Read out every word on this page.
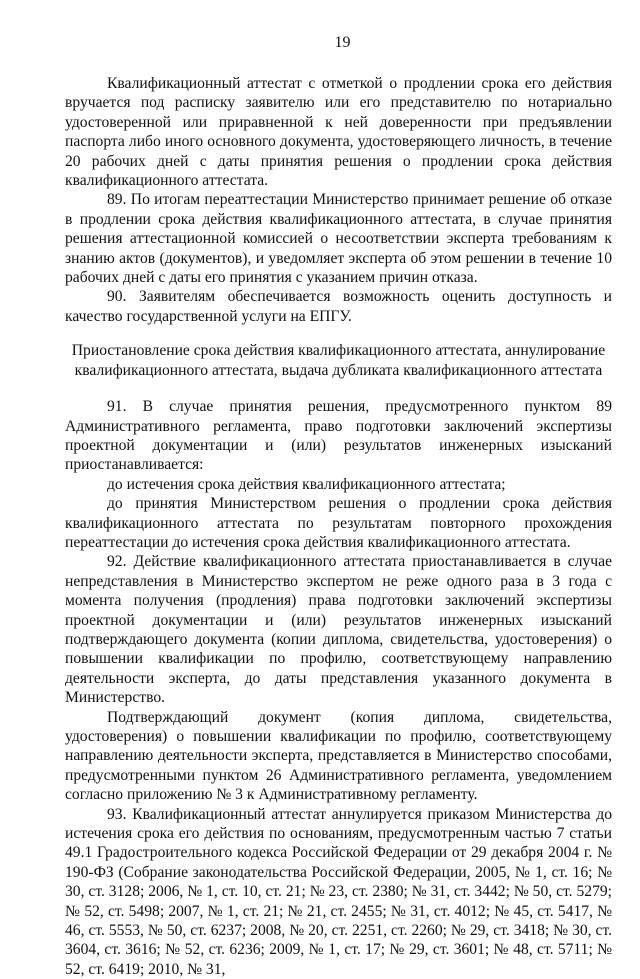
19

Квалификационный аттестат с отметкой о продлении срока его действия вручается под расписку заявителю или его представителю по нотариально удостоверенной или приравненной к ней доверенности при предъявлении паспорта либо иного основного документа, удостоверяющего личность, в течение 20 рабочих дней с даты принятия решения о продлении срока действия квалификационного аттестата.

89. По итогам переаттестации Министерство принимает решение об отказе в продлении срока действия квалификационного аттестата, в случае принятия решения аттестационной комиссией о несоответствии эксперта требованиям к знанию актов (документов), и уведомляет эксперта об этом решении в течение 10 рабочих дней с даты его принятия с указанием причин отказа.

90. Заявителям обеспечивается возможность оценить доступность и качество государственной услуги на ЕПГУ.

Приостановление срока действия квалификационного аттестата, аннулирование
квалификационного аттестата, выдача дубликата квалификационного аттестата

91. В случае принятия решения, предусмотренного пунктом 89 Административного регламента, право подготовки заключений экспертизы проектной документации и (или) результатов инженерных изысканий приостанавливается:

до истечения срока действия квалификационного аттестата;

до принятия Министерством решения о продлении срока действия квалификационного аттестата по результатам повторного прохождения переаттестации до истечения срока действия квалификационного аттестата.

92. Действие квалификационного аттестата приостанавливается в случае непредставления в Министерство экспертом не реже одного раза в 3 года с момента получения (продления) права подготовки заключений экспертизы проектной документации и (или) результатов инженерных изысканий подтверждающего документа (копии диплома, свидетельства, удостоверения) о повышении квалификации по профилю, соответствующему направлению деятельности эксперта, до даты представления указанного документа в Министерство.

Подтверждающий документ (копия диплома, свидетельства, удостоверения) о повышении квалификации по профилю, соответствующему направлению деятельности эксперта, представляется в Министерство способами, предусмотренными пунктом 26 Административного регламента, уведомлением согласно приложению № 3 к Административному регламенту.

93. Квалификационный аттестат аннулируется приказом Министерства до истечения срока его действия по основаниям, предусмотренным частью 7 статьи 49.1 Градостроительного кодекса Российской Федерации от 29 декабря 2004 г. № 190-ФЗ (Собрание законодательства Российской Федерации, 2005, № 1, ст. 16; № 30, ст. 3128; 2006, № 1, ст. 10, ст. 21; № 23, ст. 2380; № 31, ст. 3442; № 50, ст. 5279; № 52, ст. 5498; 2007, № 1, ст. 21; № 21, ст. 2455; № 31, ст. 4012; № 45, ст. 5417, № 46, ст. 5553, № 50, ст. 6237; 2008, № 20, ст. 2251, ст. 2260; № 29, ст. 3418; № 30, ст. 3604, ст. 3616; № 52, ст. 6236; 2009, № 1, ст. 17; № 29, ст. 3601; № 48, ст. 5711; № 52, ст. 6419; 2010, № 31,
